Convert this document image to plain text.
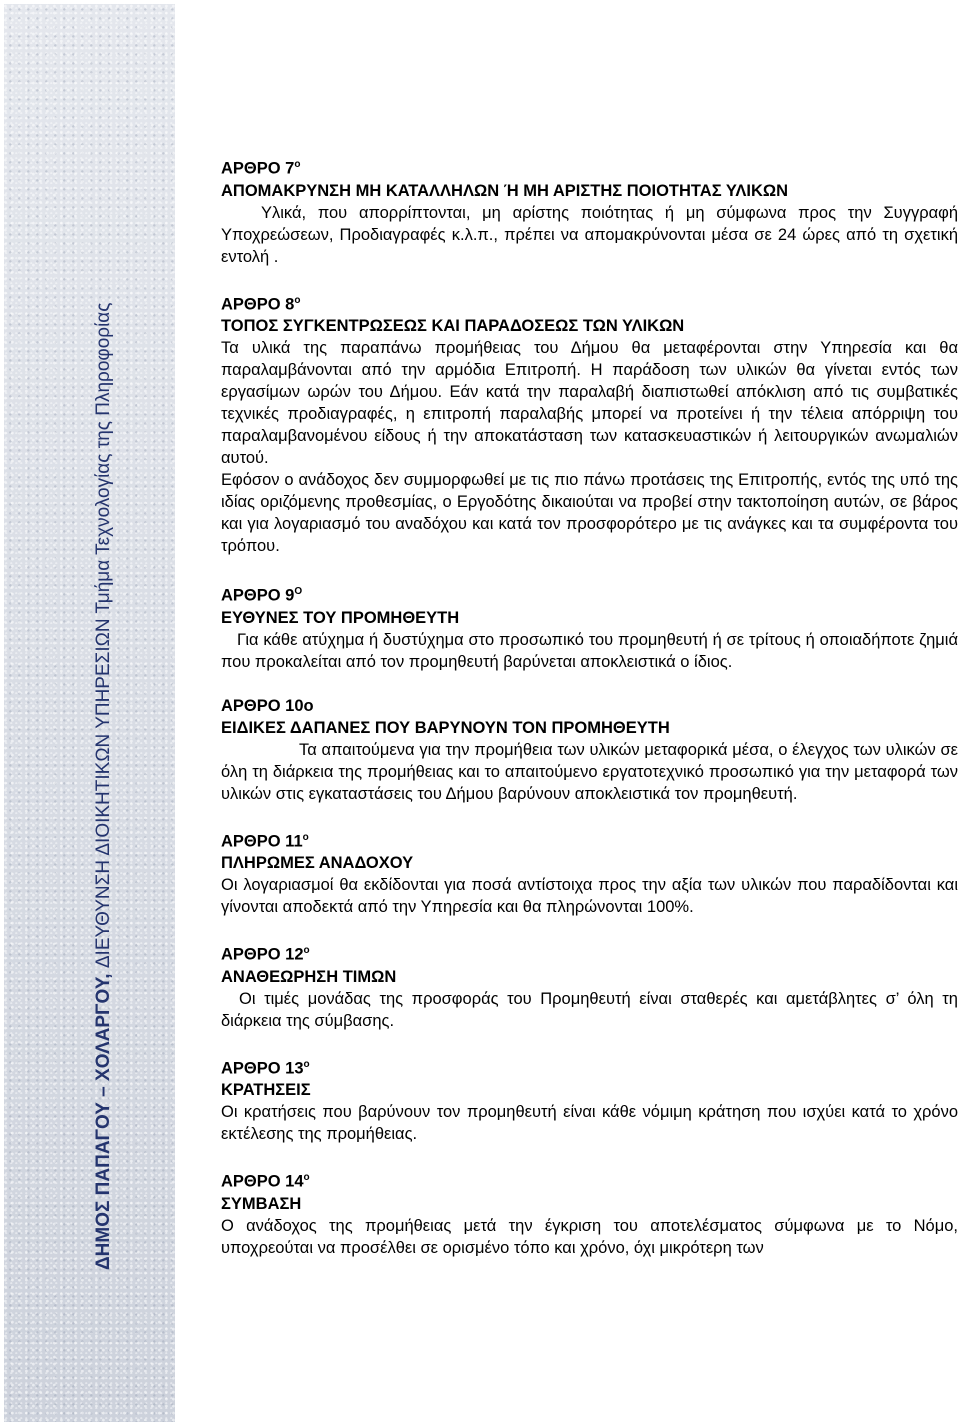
ΔΗΜΟΣ ΠΑΠΑΓΟΥ – ΧΟΛΑΡΓΟΥ, ΔΙΕΥΘΥΝΣΗ ΔΙΟΙΚΗΤΙΚΩΝ ΥΠΗΡΕΣΙΩΝ Τμήμα Τεχνολογίας της Πληροφορίας
ΑΡΘΡΟ $7^o$
ΑΠΟΜΑΚΡΥΝΣΗ ΜΗ ΚΑΤΑΛΛΗΛΩΝ Ή ΜΗ ΑΡΙΣΤΗΣ ΠΟΙΟΤΗΤΑΣ ΥΛΙΚΩΝ

Υλικά, που απορρίπτονται, μη αρίστης ποιότητας ή μη σύμφωνα προς την Συγγραφή Υποχρεώσεων, Προδιαγραφές κ.λ.π., πρέπει να απομακρύνονται μέσα σε 24 ώρες από τη σχετική εντολή .

ΑΡΘΡΟ $8^o$
ΤΟΠΟΣ ΣΥΓΚΕΝΤΡΩΣΕΩΣ ΚΑΙ ΠΑΡΑΔΟΣΕΩΣ ΤΩΝ ΥΛΙΚΩΝ

Τα υλικά της παραπάνω προμήθειας του Δήμου θα μεταφέρονται στην Υπηρεσία και θα παραλαμβάνονται από την αρμόδια Επιτροπή. Η παράδοση των υλικών θα γίνεται εντός των εργασίμων ωρών του Δήμου. Εάν κατά την παραλαβή διαπιστωθεί απόκλιση από τις συμβατικές τεχνικές προδιαγραφές, η επιτροπή παραλαβής μπορεί να προτείνει ή την τέλεια απόρριψη του παραλαμβανομένου είδους ή την αποκατάσταση των κατασκευαστικών ή λειτουργικών ανωμαλιών αυτού.

Εφόσον ο ανάδοχος δεν συμμορφωθεί με τις πιο πάνω προτάσεις της Επιτροπής, εντός της υπό της ιδίας οριζόμενης προθεσμίας, ο Εργοδότης δικαιούται να προβεί στην τακτοποίηση αυτών, σε βάρος και για λογαριασμό του αναδόχου και κατά τον προσφορότερο με τις ανάγκες και τα συμφέροντα του τρόπου.

ΑΡΘΡΟ $9^O$
ΕΥΘΥΝΕΣ ΤΟΥ ΠΡΟΜΗΘΕΥΤΗ

Για κάθε ατύχημα ή δυστύχημα στο προσωπικό του προμηθευτή ή σε τρίτους ή οποιαδήποτε ζημιά που προκαλείται από τον προμηθευτή βαρύνεται αποκλειστικά ο ίδιος.

ΑΡΘΡΟ 10ο
ΕΙΔΙΚΕΣ ΔΑΠΑΝΕΣ ΠΟΥ ΒΑΡΥΝΟΥΝ ΤΟΝ ΠΡΟΜΗΘΕΥΤΗ

Τα απαιτούμενα για την προμήθεια των υλικών μεταφορικά μέσα, ο έλεγχος των υλικών σε όλη τη διάρκεια της προμήθειας και το απαιτούμενο εργατοτεχνικό προσωπικό για την μεταφορά των υλικών στις εγκαταστάσεις του Δήμου βαρύνουν αποκλειστικά τον προμηθευτή.

ΑΡΘΡΟ $11^o$
ΠΛΗΡΩΜΕΣ ΑΝΑΔΟΧΟΥ

Οι λογαριασμοί θα εκδίδονται για ποσά αντίστοιχα προς την αξία των υλικών που παραδίδονται και γίνονται αποδεκτά από την Υπηρεσία και θα πληρώνονται 100%.

ΑΡΘΡΟ $12^o$
ΑΝΑΘΕΩΡΗΣΗ ΤΙΜΩΝ

Οι τιμές μονάδας της προσφοράς του Προμηθευτή είναι σταθερές και αμετάβλητες σ’ όλη τη διάρκεια της σύμβασης.

ΑΡΘΡΟ $13^o$
ΚΡΑΤΗΣΕΙΣ

Οι κρατήσεις που βαρύνουν τον προμηθευτή είναι κάθε νόμιμη κράτηση που ισχύει κατά το χρόνο εκτέλεσης της προμήθειας.

ΑΡΘΡΟ $14^o$
ΣΥΜΒΑΣΗ

Ο ανάδοχος της προμήθειας μετά την έγκριση του αποτελέσματος σύμφωνα με το Νόμο, υποχρεούται να προσέλθει σε ορισμένο τόπο και χρόνο, όχι μικρότερη των
